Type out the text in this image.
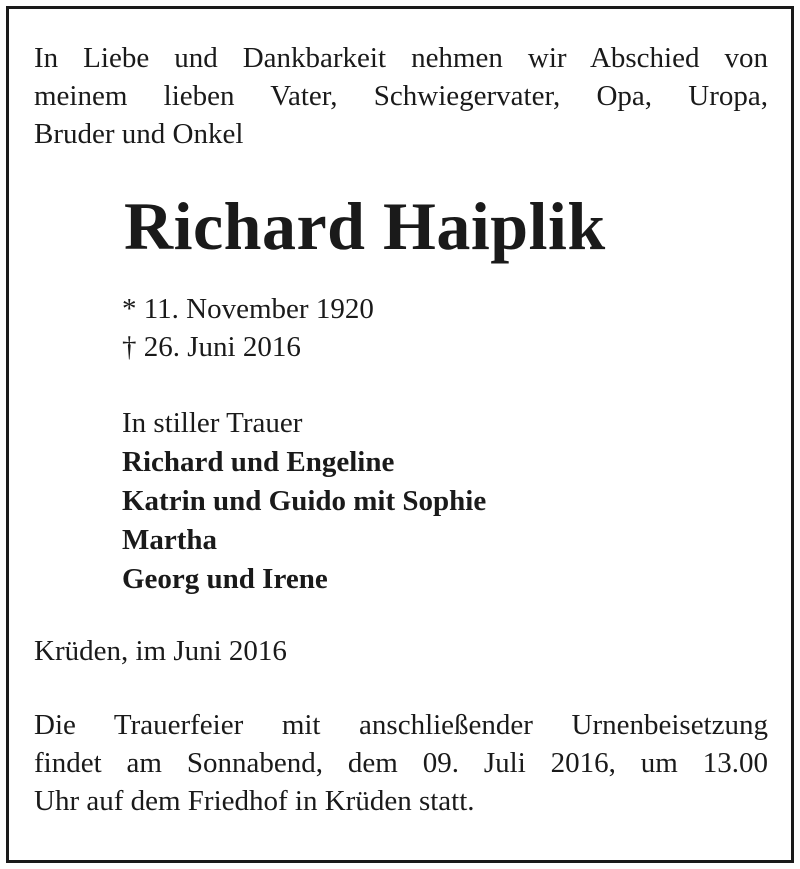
In Liebe und Dankbarkeit nehmen wir Abschied von
meinem lieben Vater, Schwiegervater, Opa, Uropa,
Bruder und Onkel
Richard Haiplik
* 11. November 1920
† 26. Juni 2016
In stiller Trauer
Richard und Engeline
Katrin und Guido mit Sophie
Martha
Georg und Irene
Krüden, im Juni 2016
Die Trauerfeier mit anschließender Urnenbeisetzung
findet am Sonnabend, dem 09. Juli 2016, um 13.00
Uhr auf dem Friedhof in Krüden statt.
